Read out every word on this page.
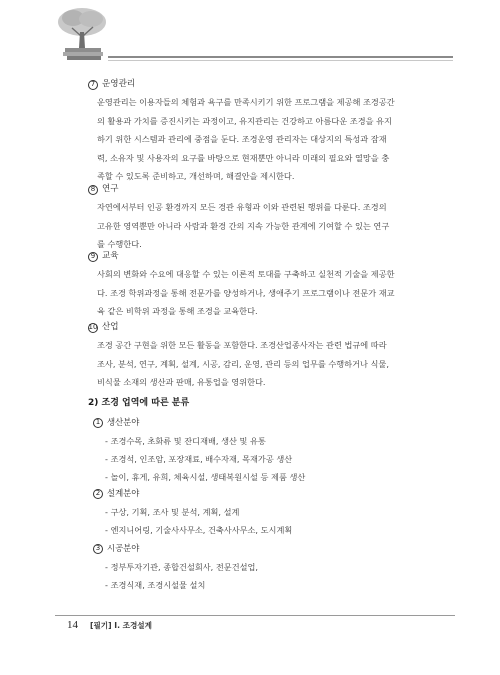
7 운영관리
운영관리는 이용자들의 체험과 욕구를 만족시키기 위한 프로그램을 제공해 조경공간
의 활용과 가치를 증진시키는 과정이고, 유지관리는 건강하고 아름다운 조경을 유지
하기 위한 시스템과 관리에 중점을 둔다. 조경운영 관리자는 대상지의 특성과 잠재
력, 소유자 및 사용자의 요구를 바탕으로 현재뿐만 아니라 미래의 필요와 열망을 충
족할 수 있도록 준비하고, 개선하며, 해결안을 제시한다.
8 연구
자연에서부터 인공 환경까지 모든 경관 유형과 이와 관련된 행위를 다룬다. 조경의
고유한 영역뿐만 아니라 사람과 환경 간의 지속 가능한 관계에 기여할 수 있는 연구
를 수행한다.
9 교육
사회의 변화와 수요에 대응할 수 있는 이론적 토대를 구축하고 실천적 기술을 제공한
다. 조경 학위과정을 통해 전문가를 양성하거나, 생애주기 프로그램이나 전문가 재교
육 같은 비학위 과정을 통해 조경을 교육한다.
10 산업
조경 공간 구현을 위한 모든 활동을 포함한다. 조경산업종사자는 관련 법규에 따라
조사, 분석, 연구, 계획, 설계, 시공, 감리, 운영, 관리 등의 업무를 수행하거나 식물,
비식물 소재의 생산과 판매, 유통업을 영위한다.
2) 조경 업역에 따른 분류
1 생산분야
- 조경수목, 초화류 및 잔디재배, 생산 및 유통
- 조경석, 인조암, 포장재료, 배수자재, 목재가공 생산
- 놀이, 휴게, 유희, 체육시설, 생태복원시설 등 제품 생산
2 설계분야
- 구상, 기획, 조사 및 분석, 계획, 설계
- 엔지니어링, 기술사사무소, 건축사사무소, 도시계획
3 시공분야
- 정부투자기관, 종합건설회사, 전문건설업,
- 조경식재, 조경시설물 설치
14 [필기] I. 조경설계
